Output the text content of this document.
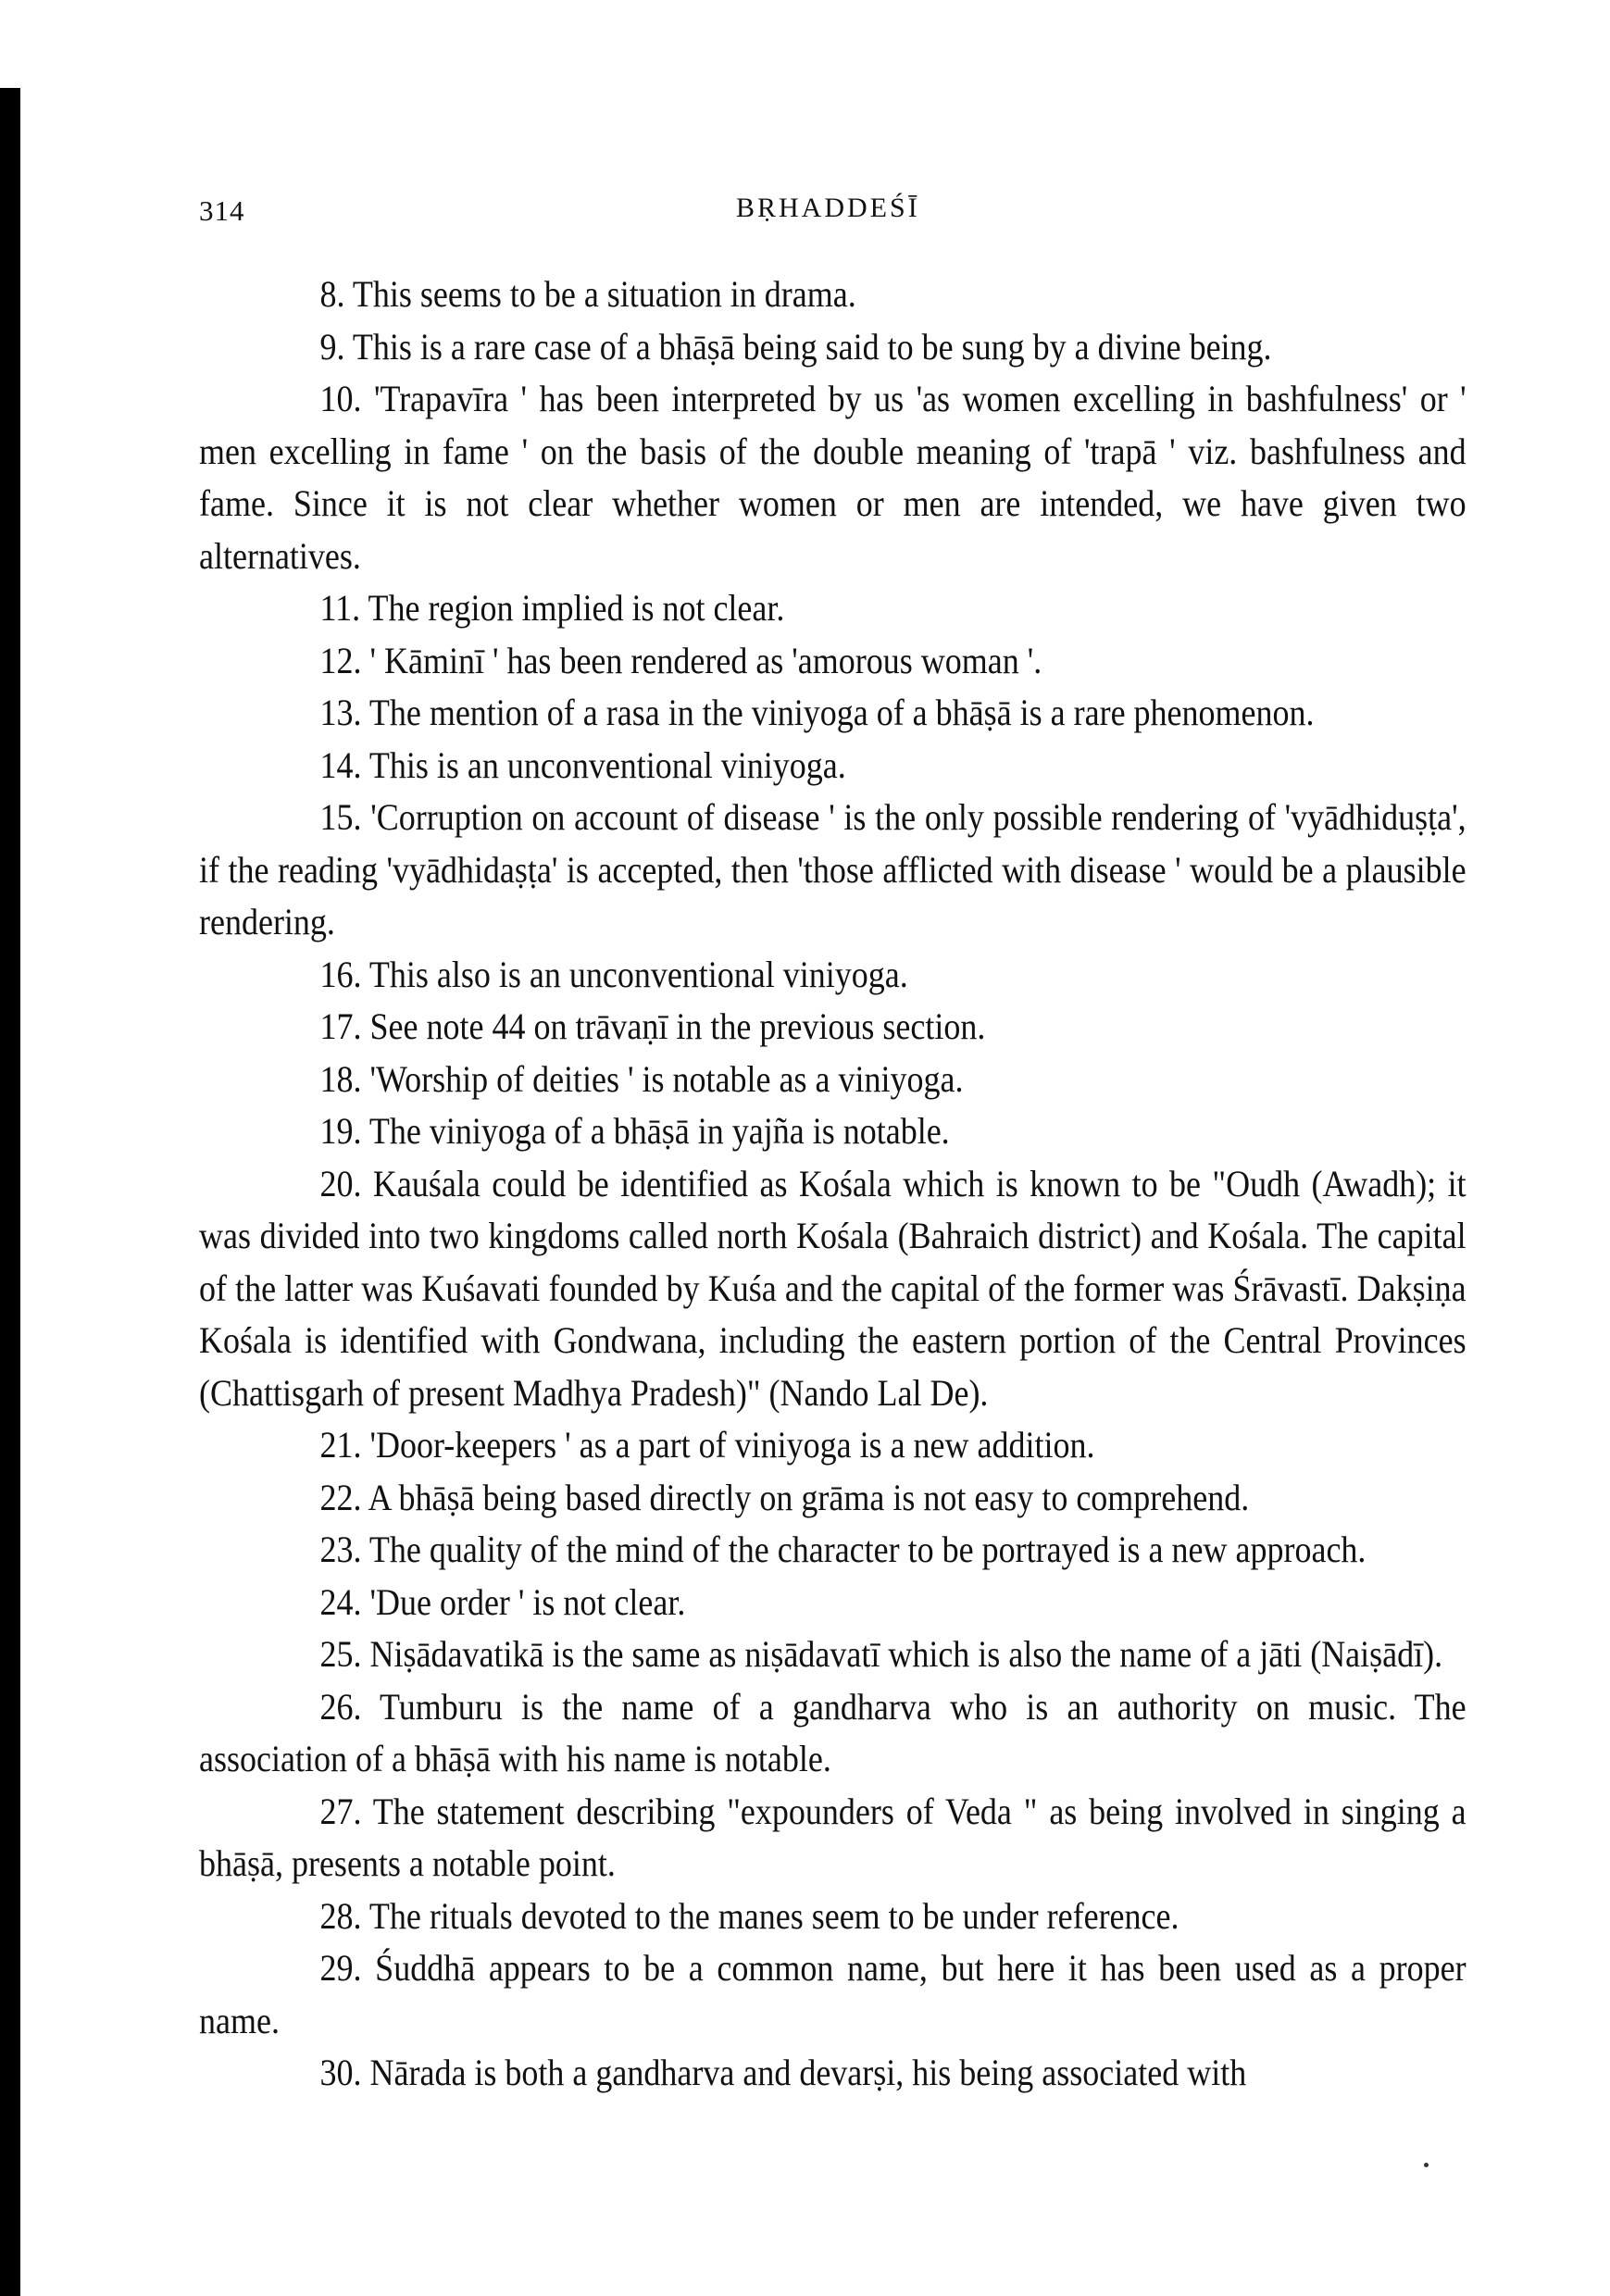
314	BṚHADDEŚĪ

8. This seems to be a situation in drama.

9. This is a rare case of a bhāṣā being said to be sung by a divine being.

10. 'Trapavīra ' has been interpreted by us 'as women excelling in bashfulness' or ' men excelling in fame ' on the basis of the double meaning of 'trapā ' viz. bashfulness and fame. Since it is not clear whether women or men are intended, we have given two alternatives.

11. The region implied is not clear.

12. ' Kāminī ' has been rendered as 'amorous woman '.

13. The mention of a rasa in the viniyoga of a bhāṣā is a rare phenomenon.

14. This is an unconventional viniyoga.

15. 'Corruption on account of disease ' is the only possible rendering of 'vyādhiduṣṭa', if the reading 'vyādhidaṣṭa' is accepted, then 'those afflicted with disease ' would be a plausible rendering.

16. This also is an unconventional viniyoga.

17. See note 44 on trāvaṇī in the previous section.

18. 'Worship of deities ' is notable as a viniyoga.

19. The viniyoga of a bhāṣā in yajña is notable.

20. Kauśala could be identified as Kośala which is known to be "Oudh (Awadh); it was divided into two kingdoms called north Kośala (Bahraich district) and Kośala. The capital of the latter was Kuśavati founded by Kuśa and the capital of the former was Śrāvastī. Dakṣiṇa Kośala is identified with Gondwana, including the eastern portion of the Central Provinces (Chattisgarh of present Madhya Pradesh)" (Nando Lal De).

21. 'Door-keepers ' as a part of viniyoga is a new addition.

22. A bhāṣā being based directly on grāma is not easy to comprehend.

23. The quality of the mind of the character to be portrayed is a new approach.

24. 'Due order ' is not clear.

25. Niṣādavatikā is the same as niṣādavatī which is also the name of a jāti (Naiṣādī).

26. Tumburu is the name of a gandharva who is an authority on music. The association of a bhāṣā with his name is notable.

27. The statement describing "expounders of Veda " as being involved in singing a bhāṣā, presents a notable point.

28. The rituals devoted to the manes seem to be under reference.

29. Śuddhā appears to be a common name, but here it has been used as a proper name.

30. Nārada is both a gandharva and devarṣi, his being associated with
